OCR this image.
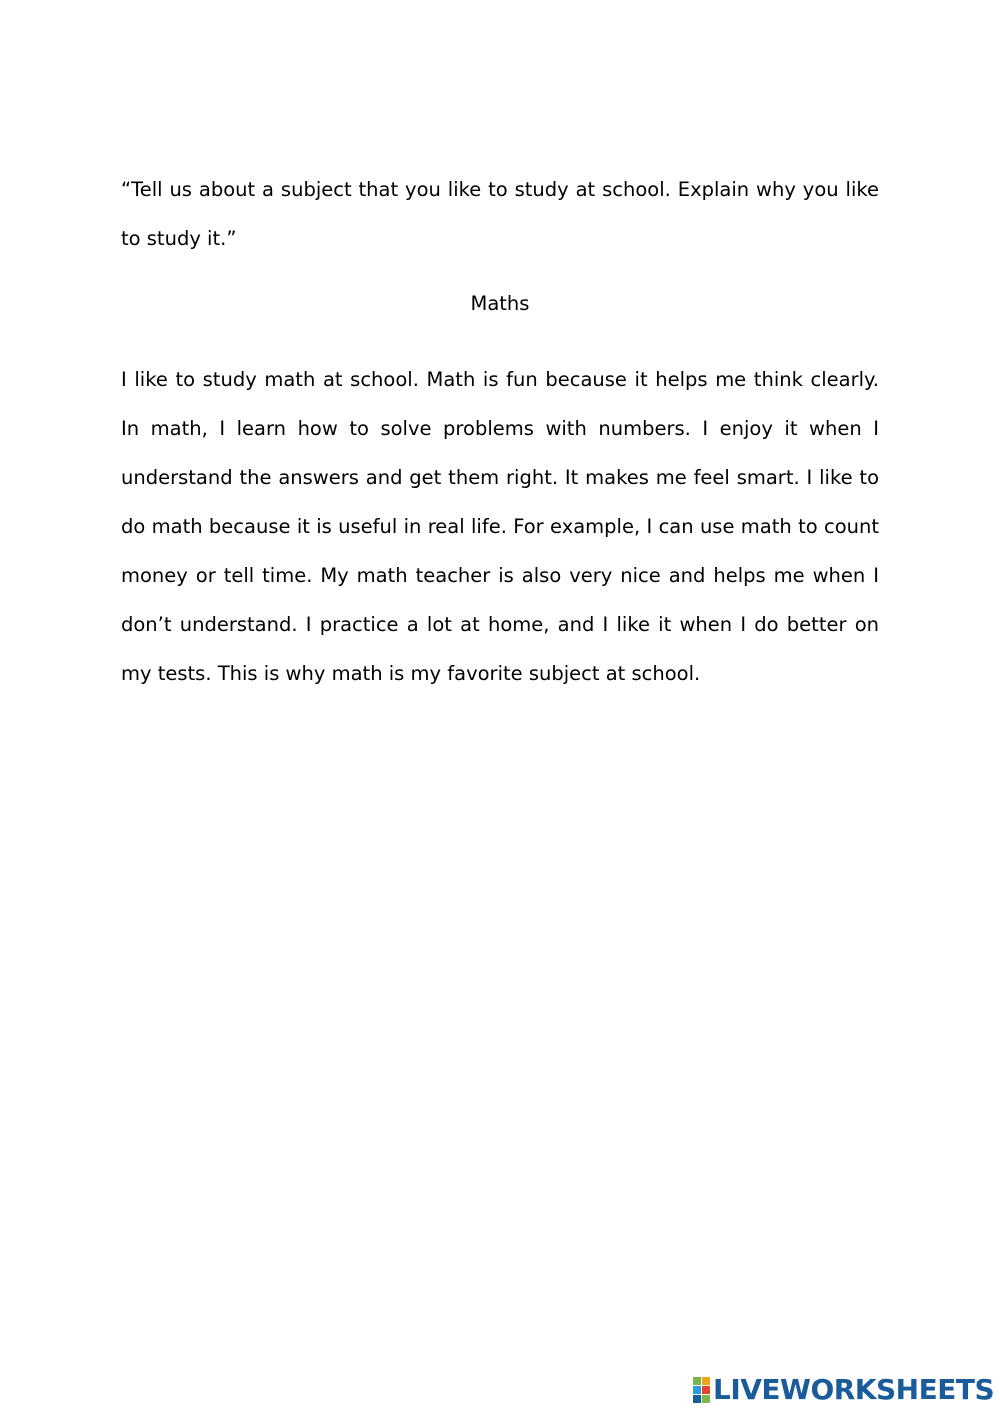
“Tell us about a subject that you like to study at school. Explain why you like to study it.”

Maths

I like to study math at school. Math is fun because it helps me think clearly. In math, I learn how to solve problems with numbers. I enjoy it when I understand the answers and get them right. It makes me feel smart. I like to do math because it is useful in real life. For example, I can use math to count money or tell time. My math teacher is also very nice and helps me when I don’t understand. I practice a lot at home, and I like it when I do better on my tests. This is why math is my favorite subject at school.

LIVEWORKSHEETS
